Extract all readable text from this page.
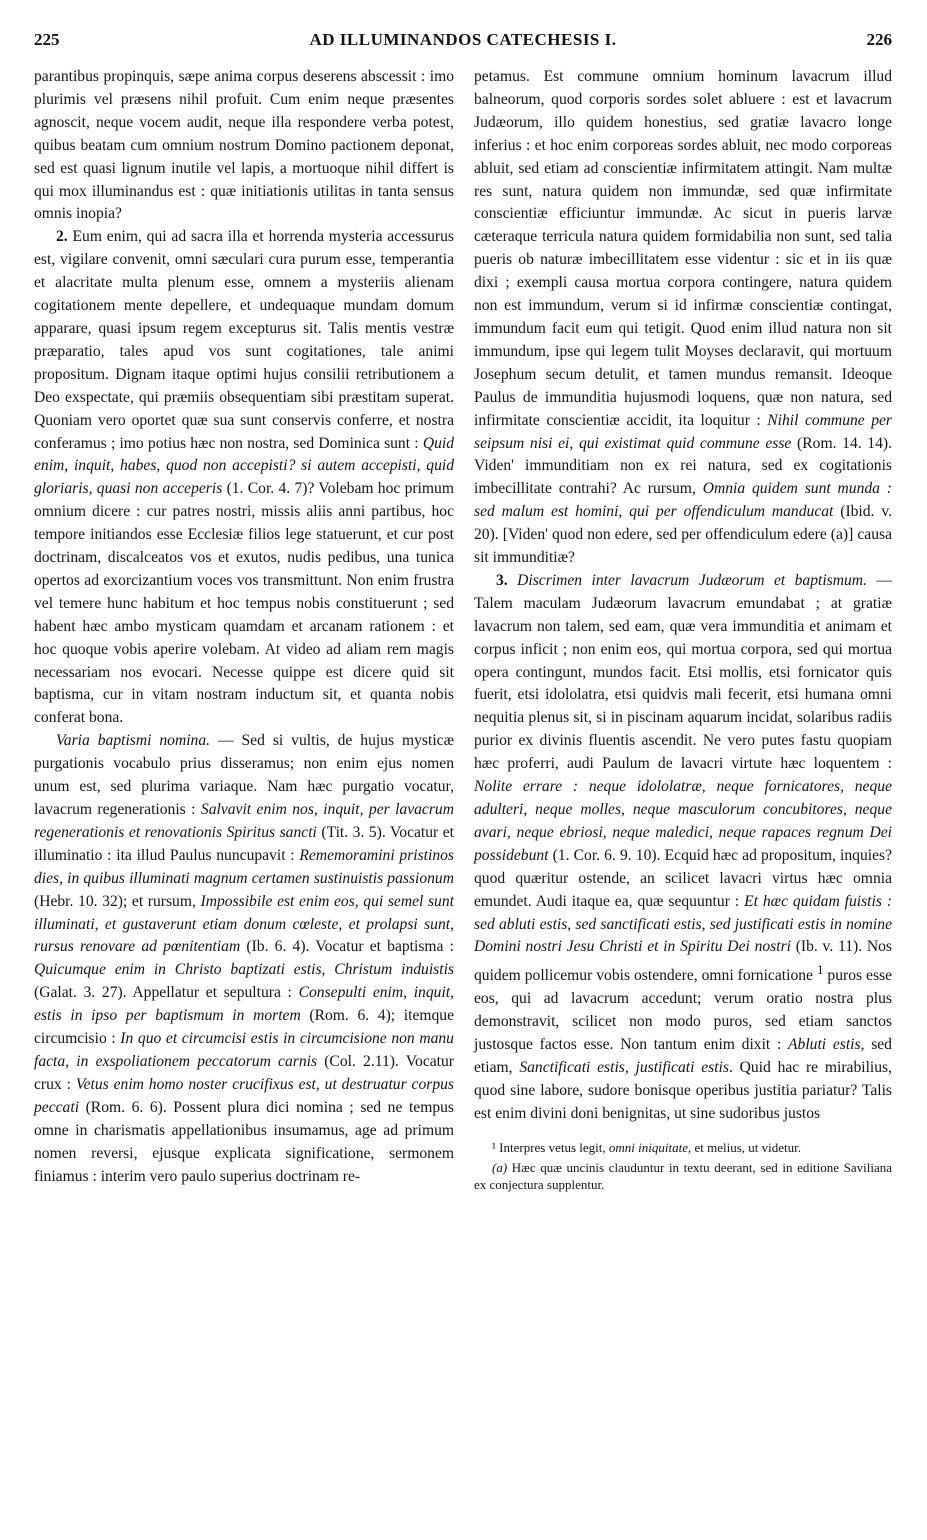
225	AD ILLUMINANDOS CATECHESIS I.	226

parantibus propinquis, sæpe anima corpus deserens abscessit : imo plurimis vel præsens nihil profuit. Cum enim neque præsentes agnoscit, neque vocem audit, neque illa respondere verba potest, quibus beatam cum omnium nostrum Domino pactionem deponat, sed est quasi lignum inutile vel lapis, a mortuoque nihil differt is qui mox illuminandus est : quæ initiationis utilitas in tanta sensus omnis inopia?

2. Eum enim, qui ad sacra illa et horrenda mysteria accessurus est, vigilare convenit, omni sæculari cura purum esse, temperantia et alacritate multa plenum esse, omnem a mysteriis alienam cogitationem mente depellere, et undequaque mundam domum apparare, quasi ipsum regem excepturus sit. Talis mentis vestræ præparatio, tales apud vos sunt cogitationes, tale animi propositum. Dignam itaque optimi hujus consilii retributionem a Deo exspectate, qui præmiis obsequentiam sibi præstitam superat. Quoniam vero oportet quæ sua sunt conservis conferre, et nostra conferamus ; imo potius hæc non nostra, sed Dominica sunt : Quid enim, inquit, habes, quod non accepisti? si autem accepisti, quid gloriaris, quasi non acceperis (1. Cor. 4. 7)? Volebam hoc primum omnium dicere : cur patres nostri, missis aliis anni partibus, hoc tempore initiandos esse Ecclesiæ filios lege statuerunt, et cur post doctrinam, discalceatos vos et exutos, nudis pedibus, una tunica opertos ad exorcizantium voces vos transmittunt. Non enim frustra vel temere hunc habitum et hoc tempus nobis constituerunt ; sed habent hæc ambo mysticam quamdam et arcanam rationem : et hoc quoque vobis aperire volebam. At video ad aliam rem magis necessariam nos evocari. Necesse quippe est dicere quid sit baptisma, cur in vitam nostram inductum sit, et quanta nobis conferat bona.

Varia baptismi nomina. — Sed si vultis, de hujus mysticæ purgationis vocabulo prius disseramus; non enim ejus nomen unum est, sed plurima variaque. Nam hæc purgatio vocatur, lavacrum regenerationis : Salvavit enim nos, inquit, per lavacrum regenerationis et renovationis Spiritus sancti (Tit. 3. 5). Vocatur et illuminatio : ita illud Paulus nuncupavit : Rememoramini pristinos dies, in quibus illuminati magnum certamen sustinuistis passionum (Hebr. 10. 32); et rursum, Impossibile est enim eos, qui semel sunt illuminati, et gustaverunt etiam donum cœleste, et prolapsi sunt, rursus renovare ad pœnitentiam (Ib. 6. 4). Vocatur et baptisma : Quicumque enim in Christo baptizati estis, Christum induistis (Galat. 3. 27). Appellatur et sepultura : Consepulti enim, inquit, estis in ipso per baptismum in mortem (Rom. 6. 4); itemque circumcisio : In quo et circumcisi estis in circumcisione non manu facta, in exspoliationem peccatorum carnis (Col. 2.11). Vocatur crux : Vetus enim homo noster crucifixus est, ut destruatur corpus peccati (Rom. 6. 6). Possent plura dici nomina ; sed ne tempus omne in charismatis appellationibus insumamus, age ad primum nomen reversi, ejusque explicata significatione, sermonem finiamus : interim vero paulo superius doctrinam re-

petamus. Est commune omnium hominum lavacrum illud balneorum, quod corporis sordes solet abluere : est et lavacrum Judæorum, illo quidem honestius, sed gratiæ lavacro longe inferius : et hoc enim corporeas sordes abluit, nec modo corporeas abluit, sed etiam ad conscientiæ infirmitatem attingit. Nam multæ res sunt, natura quidem non immundæ, sed quæ infirmitate conscientiæ efficiuntur immundæ. Ac sicut in pueris larvæ cæteraque terricula natura quidem formidabilia non sunt, sed talia pueris ob naturæ imbecillitatem esse videntur : sic et in iis quæ dixi ; exempli causa mortua corpora contingere, natura quidem non est immundum, verum si id infirmæ conscientiæ contingat, immundum facit eum qui tetigit. Quod enim illud natura non sit immundum, ipse qui legem tulit Moyses declaravit, qui mortuum Josephum secum detulit, et tamen mundus remansit. Ideoque Paulus de immunditia hujusmodi loquens, quæ non natura, sed infirmitate conscientiæ accidit, ita loquitur : Nihil commune per seipsum nisi ei, qui existimat quid commune esse (Rom. 14. 14). Viden' immunditiam non ex rei natura, sed ex cogitationis imbecillitate contrahi? Ac rursum, Omnia quidem sunt munda : sed malum est homini, qui per offendiculum manducat (Ibid. v. 20). [Viden' quod non edere, sed per offendiculum edere (a)] causa sit immunditiæ?

3. Discrimen inter lavacrum Judæorum et baptismum. — Talem maculam Judæorum lavacrum emundabat ; at gratiæ lavacrum non talem, sed eam, quæ vera immunditia et animam et corpus inficit ; non enim eos, qui mortua corpora, sed qui mortua opera contingunt, mundos facit. Etsi mollis, etsi fornicator quis fuerit, etsi idololatra, etsi quidvis mali fecerit, etsi humana omni nequitia plenus sit, si in piscinam aquarum incidat, solaribus radiis purior ex divinis fluentis ascendit. Ne vero putes fastu quopiam hæc proferri, audi Paulum de lavacri virtute hæc loquentem : Nolite errare : neque idololatræ, neque fornicatores, neque adulteri, neque molles, neque masculorum concubitores, neque avari, neque ebriosi, neque maledici, neque rapaces regnum Dei possidebunt (1. Cor. 6. 9. 10). Ecquid hæc ad propositum, inquies? quod quæritur ostende, an scilicet lavacri virtus hæc omnia emundet. Audi itaque ea, quæ sequuntur : Et hæc quidam fuistis : sed abluti estis, sed sanctificati estis, sed justificati estis in nomine Domini nostri Jesu Christi et in Spiritu Dei nostri (Ib. v. 11). Nos quidem pollicemur vobis ostendere, omni fornicatione $^1$ puros esse eos, qui ad lavacrum accedunt; verum oratio nostra plus demonstravit, scilicet non modo puros, sed etiam sanctos justosque factos esse. Non tantum enim dixit : Abluti estis, sed etiam, Sanctificati estis, justificati estis. Quid hac re mirabilius, quod sine labore, sudore bonisque operibus justitia pariatur? Talis est enim divini doni benignitas, ut sine sudoribus justos

¹ Interpres vetus legit, omni iniquitate, et melius, ut videtur.

(a) Hæc quæ uncinis clauduntur in textu deerant, sed in editione Saviliana ex conjectura supplentur.
